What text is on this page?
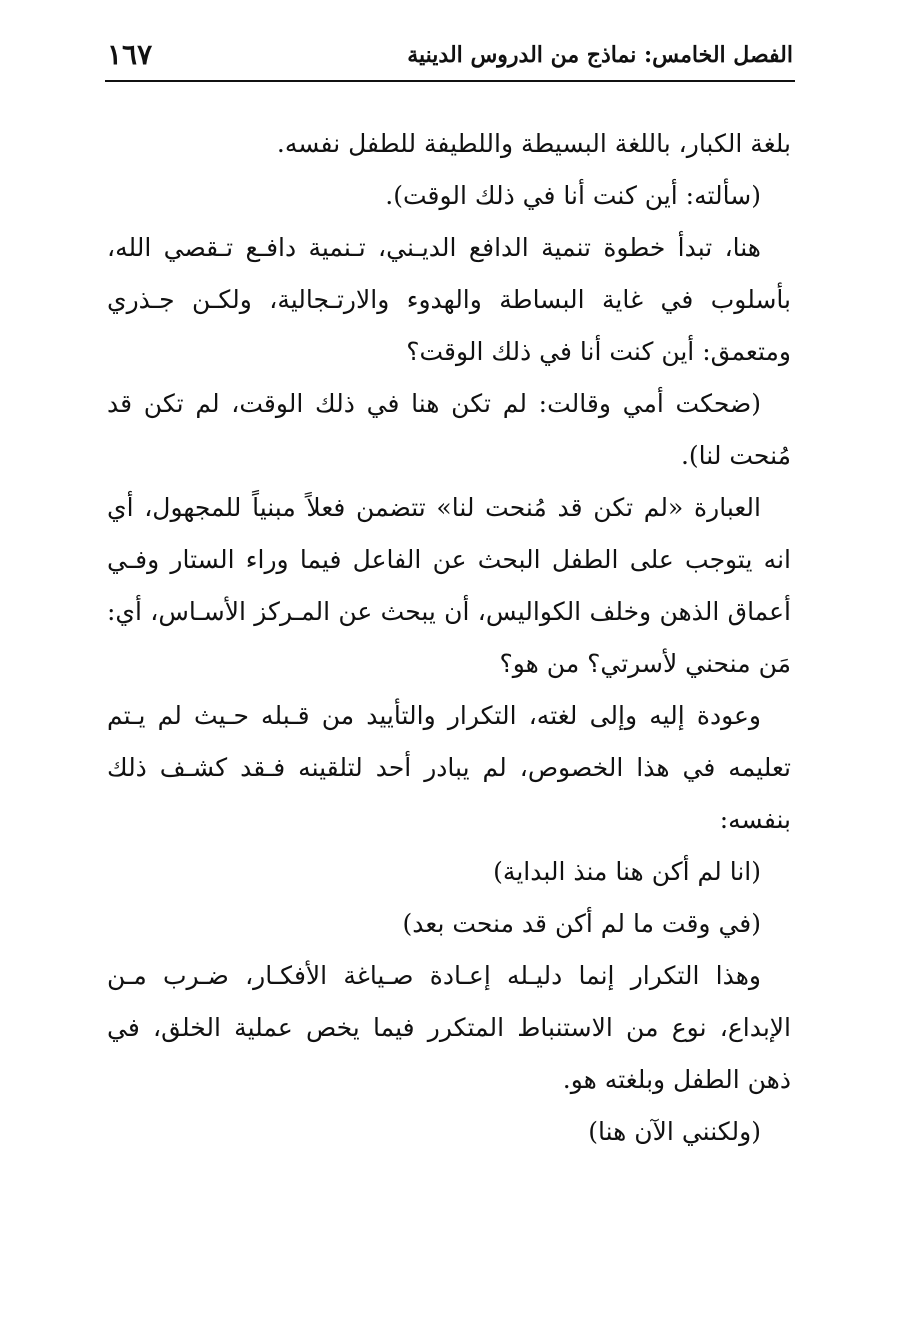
الفصل الخامس: نماذج من الدروس الدينية
١٦٧

بلغة الكبار، باللغة البسيطة واللطيفة للطفل نفسه.

(سألته: أين كنت أنا في ذلك الوقت).

هنا، تبدأ خطوة تنمية الدافع الديـني، تـنمية دافـع تـقصي الله، بأسلوب في غاية البساطة والهدوء والارتـجالية، ولكـن جـذري ومتعمق: أين كنت أنا في ذلك الوقت؟

(ضحكت أمي وقالت: لم تكن هنا في ذلك الوقت، لم تكن قد مُنحت لنا).

العبارة «لم تكن قد مُنحت لنا» تتضمن فعلاً مبنياً للمجهول، أي انه يتوجب على الطفل البحث عن الفاعل فيما وراء الستار وفـي أعماق الذهن وخلف الكواليس، أن يبحث عن المـركز الأسـاس، أي: مَن منحني لأسرتي؟ من هو؟

وعودة إليه وإلى لغته، التكرار والتأييد من قـبله حـيث لم يـتم تعليمه في هذا الخصوص، لم يبادر أحد لتلقينه فـقد كشـف ذلك بنفسه:

(انا لم أكن هنا منذ البداية)

(في وقت ما لم أكن قد منحت بعد)

وهذا التكرار إنما دليـله إعـادة صـياغة الأفكـار، ضـرب مـن الإبداع، نوع من الاستنباط المتكرر فيما يخص عملية الخلق، في ذهن الطفل وبلغته هو.

(ولكنني الآن هنا)
